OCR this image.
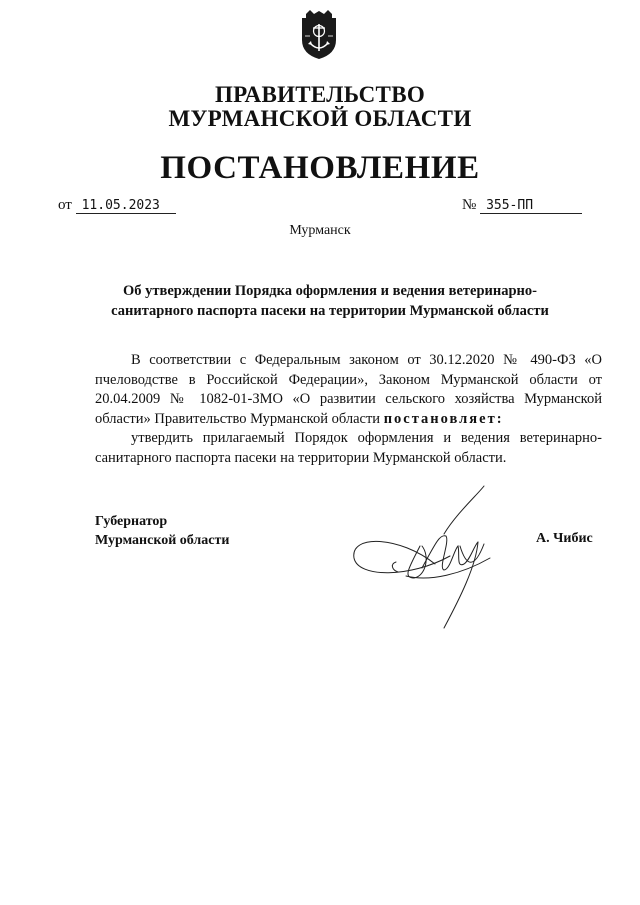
ПРАВИТЕЛЬСТВО
МУРМАНСКОЙ ОБЛАСТИ
ПОСТАНОВЛЕНИЕ
от 11.05.2023	№ 355-ПП
Мурманск
Об утверждении Порядка оформления и ведения ветеринарно-
санитарного паспорта пасеки на территории Мурманской области

В соответствии с Федеральным законом от 30.12.2020 № 490-ФЗ «О пчеловодстве в Российской Федерации», Законом Мурманской области от 20.04.2009 № 1082-01-ЗМО «О развитии сельского хозяйства Мурманской области» Правительство Мурманской области постановляет:

утвердить прилагаемый Порядок оформления и ведения ветеринарно-санитарного паспорта пасеки на территории Мурманской области.

Губернатор
Мурманской области	А. Чибис
